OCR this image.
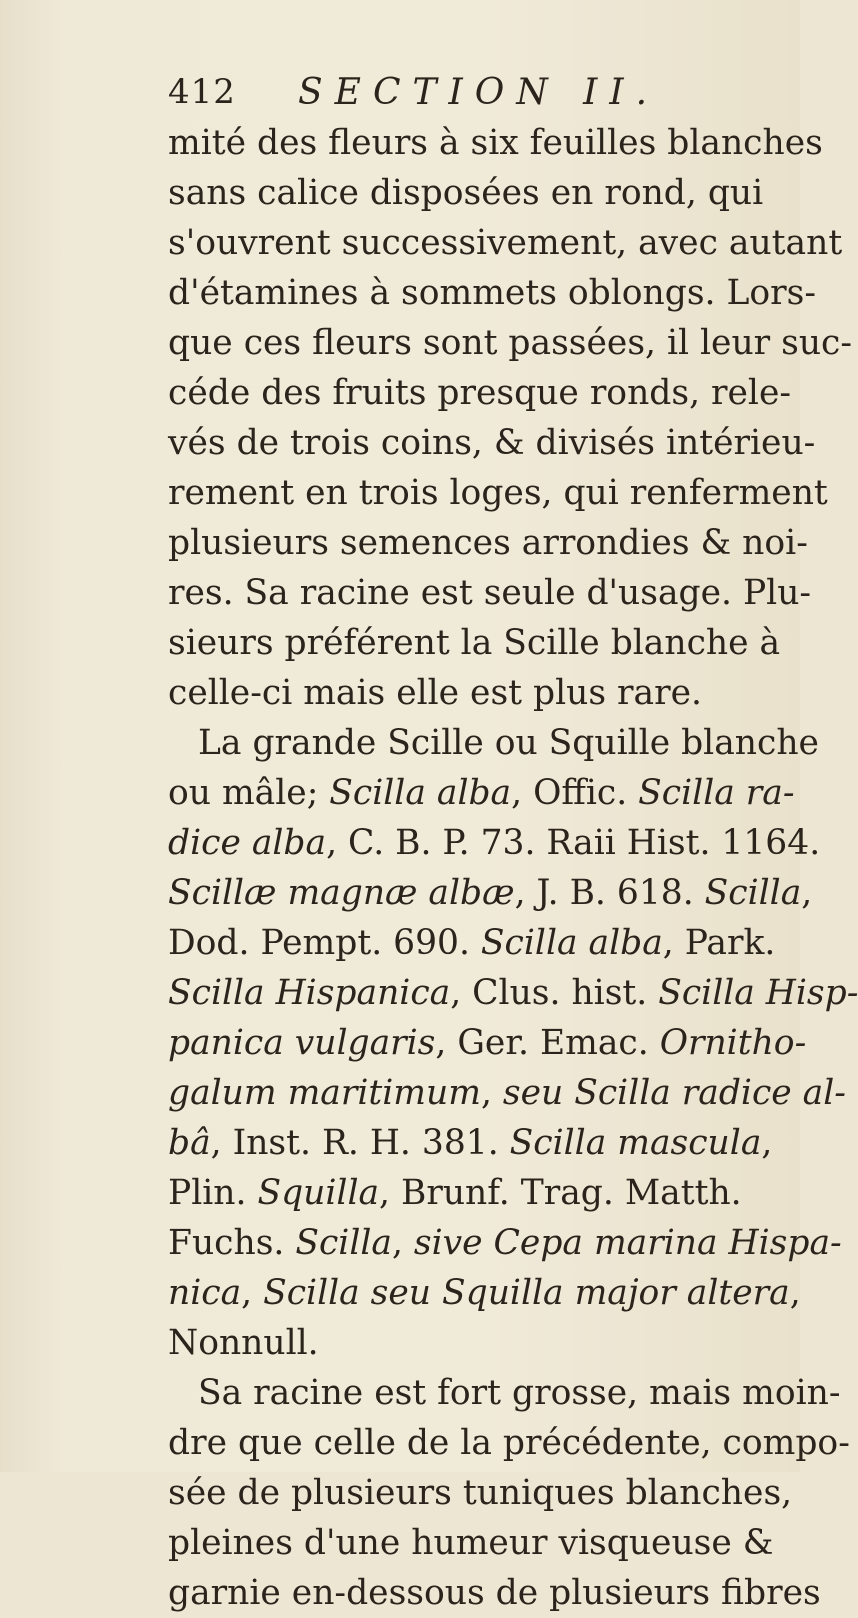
412 SECTION II.
mité des fleurs à six feuilles blanches
sans calice disposées en rond, qui
s'ouvrent successivement, avec autant
d'étamines à sommets oblongs. Lors-
que ces fleurs sont passées, il leur suc-
céde des fruits presque ronds, rele-
vés de trois coins, & divisés intérieu-
rement en trois loges, qui renferment
plusieurs semences arrondies & noi-
res. Sa racine est seule d'usage. Plu-
sieurs préférent la Scille blanche à
celle-ci mais elle est plus rare.
La grande Scille ou Squille blanche
ou mâle; Scilla alba, Offic. Scilla ra-
dice alba, C. B. P. 73. Raii Hist. 1164.
Scillæ magnæ albæ, J. B. 618. Scilla,
Dod. Pempt. 690. Scilla alba, Park.
Scilla Hispanica, Clus. hist. Scilla Hisp-
panica vulgaris, Ger. Emac. Ornitho-
galum maritimum, seu Scilla radice al-
bâ, Inst. R. H. 381. Scilla mascula,
Plin. Squilla, Brunf. Trag. Matth.
Fuchs. Scilla, sive Cepa marina Hispa-
nica, Scilla seu Squilla major altera,
Nonnull.
Sa racine est fort grosse, mais moin-
dre que celle de la précédente, compo-
sée de plusieurs tuniques blanches,
pleines d'une humeur visqueuse &
garnie en-dessous de plusieurs fibres
